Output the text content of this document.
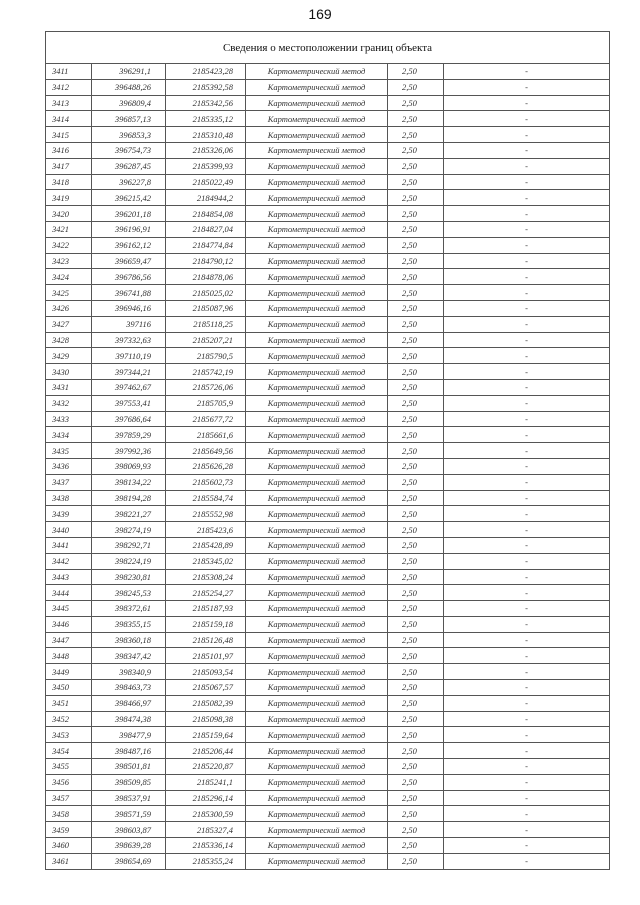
169
Сведения о местоположении границ объекта					
3411	396291,1	2185423,28	Картометрический метод	2,50	-
3412	396488,26	2185392,58	Картометрический метод	2,50	-
3413	396809,4	2185342,56	Картометрический метод	2,50	-
3414	396857,13	2185335,12	Картометрический метод	2,50	-
3415	396853,3	2185310,48	Картометрический метод	2,50	-
3416	396754,73	2185326,06	Картометрический метод	2,50	-
3417	396287,45	2185399,93	Картометрический метод	2,50	-
3418	396227,8	2185022,49	Картометрический метод	2,50	-
3419	396215,42	2184944,2	Картометрический метод	2,50	-
3420	396201,18	2184854,08	Картометрический метод	2,50	-
3421	396196,91	2184827,04	Картометрический метод	2,50	-
3422	396162,12	2184774,84	Картометрический метод	2,50	-
3423	396659,47	2184790,12	Картометрический метод	2,50	-
3424	396786,56	2184878,06	Картометрический метод	2,50	-
3425	396741,88	2185025,02	Картометрический метод	2,50	-
3426	396946,16	2185087,96	Картометрический метод	2,50	-
3427	397116	2185118,25	Картометрический метод	2,50	-
3428	397332,63	2185207,21	Картометрический метод	2,50	-
3429	397110,19	2185790,5	Картометрический метод	2,50	-
3430	397344,21	2185742,19	Картометрический метод	2,50	-
3431	397462,67	2185726,06	Картометрический метод	2,50	-
3432	397553,41	2185705,9	Картометрический метод	2,50	-
3433	397686,64	2185677,72	Картометрический метод	2,50	-
3434	397859,29	2185661,6	Картометрический метод	2,50	-
3435	397992,36	2185649,56	Картометрический метод	2,50	-
3436	398069,93	2185626,28	Картометрический метод	2,50	-
3437	398134,22	2185602,73	Картометрический метод	2,50	-
3438	398194,28	2185584,74	Картометрический метод	2,50	-
3439	398221,27	2185552,98	Картометрический метод	2,50	-
3440	398274,19	2185423,6	Картометрический метод	2,50	-
3441	398292,71	2185428,89	Картометрический метод	2,50	-
3442	398224,19	2185345,02	Картометрический метод	2,50	-
3443	398230,81	2185308,24	Картометрический метод	2,50	-
3444	398245,53	2185254,27	Картометрический метод	2,50	-
3445	398372,61	2185187,93	Картометрический метод	2,50	-
3446	398355,15	2185159,18	Картометрический метод	2,50	-
3447	398360,18	2185126,48	Картометрический метод	2,50	-
3448	398347,42	2185101,97	Картометрический метод	2,50	-
3449	398340,9	2185093,54	Картометрический метод	2,50	-
3450	398463,73	2185067,57	Картометрический метод	2,50	-
3451	398466,97	2185082,39	Картометрический метод	2,50	-
3452	398474,38	2185098,38	Картометрический метод	2,50	-
3453	398477,9	2185159,64	Картометрический метод	2,50	-
3454	398487,16	2185206,44	Картометрический метод	2,50	-
3455	398501,81	2185220,87	Картометрический метод	2,50	-
3456	398509,85	2185241,1	Картометрический метод	2,50	-
3457	398537,91	2185296,14	Картометрический метод	2,50	-
3458	398571,59	2185300,59	Картометрический метод	2,50	-
3459	398603,87	2185327,4	Картометрический метод	2,50	-
3460	398639,28	2185336,14	Картометрический метод	2,50	-
3461	398654,69	2185355,24	Картометрический метод	2,50	-
